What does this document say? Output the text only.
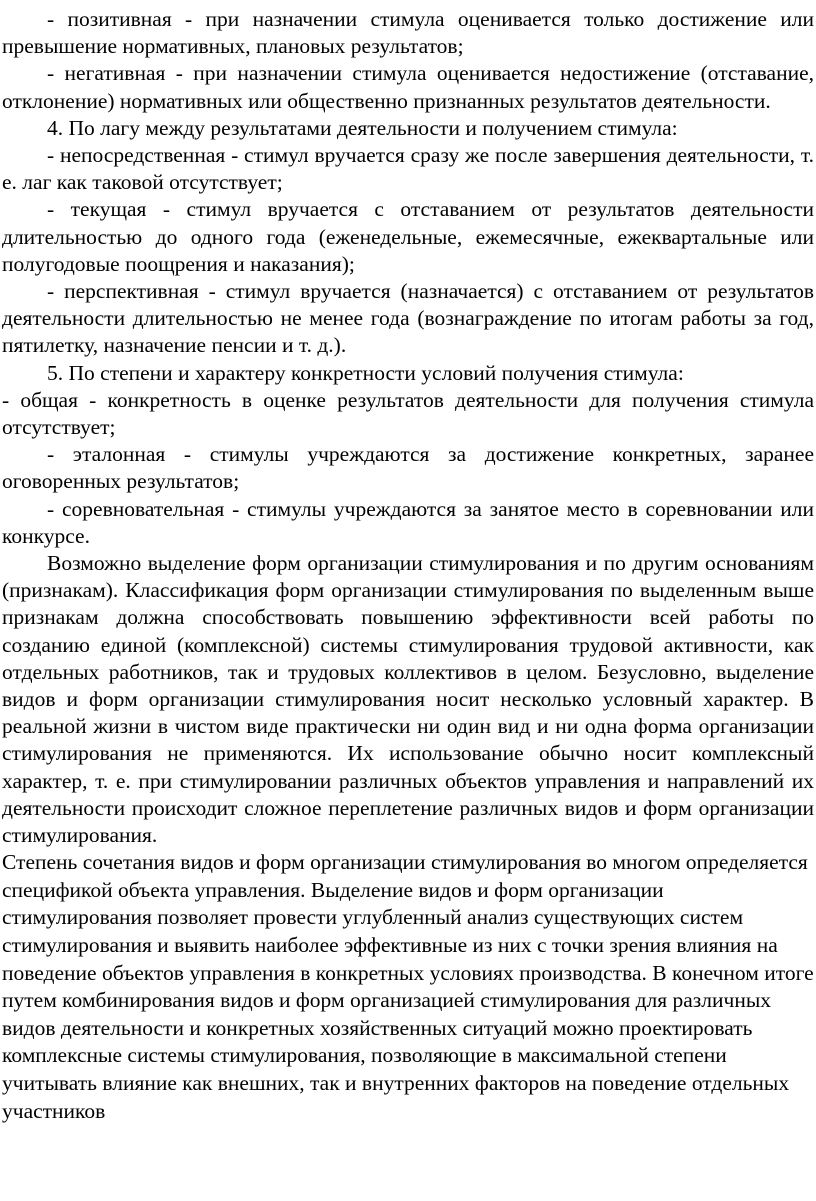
- позитивная - при назначении стимула оценивается только достижение или превышение нормативных, плановых результатов;

- негативная - при назначении стимула оценивается недостижение (отставание, отклонение) нормативных или общественно признанных результатов деятельности.

4. По лагу между результатами деятельности и получением стимула:

- непосредственная - стимул вручается сразу же после завершения деятельности, т. е. лаг как таковой отсутствует;

- текущая - стимул вручается с отставанием от результатов деятельности длительностью до одного года (еженедельные, ежемесячные, ежеквартальные или полугодовые поощрения и наказания);

- перспективная - стимул вручается (назначается) с отставанием от результатов деятельности длительностью не менее года (вознаграждение по итогам работы за год, пятилетку, назначение пенсии и т. д.).

5. По степени и характеру конкретности условий получения стимула:

- общая - конкретность в оценке результатов деятельности для получения стимула отсутствует;

- эталонная - стимулы учреждаются за достижение конкретных, заранее оговоренных результатов;

- соревновательная - стимулы учреждаются за занятое место в соревновании или конкурсе.

Возможно выделение форм организации стимулирования и по другим основаниям (признакам). Классификация форм организации стимулирования по выделенным выше признакам должна способствовать повышению эффективности всей работы по созданию единой (комплексной) системы стимулирования трудовой активности, как отдельных работников, так и трудовых коллективов в целом. Безусловно, выделение видов и форм организации стимулирования носит несколько условный характер. В реальной жизни в чистом виде практически ни один вид и ни одна форма организации стимулирования не применяются. Их использование обычно носит комплексный характер, т. е. при стимулировании различных объектов управления и направлений их деятельности происходит сложное переплетение различных видов и форм организации стимулирования.

Степень сочетания видов и форм организации стимулирования во многом определяется спецификой объекта управления. Выделение видов и форм организации стимулирования позволяет провести углубленный анализ существующих систем стимулирования и выявить наиболее эффективные из них с точки зрения влияния на поведение объектов управления в конкретных условиях производства. В конечном итоге путем комбинирования видов и форм организацией стимулирования для различных видов деятельности и конкретных хозяйственных ситуаций можно проектировать комплексные системы стимулирования, позволяющие в максимальной степени учитывать влияние как внешних, так и внутренних факторов на поведение отдельных участников
